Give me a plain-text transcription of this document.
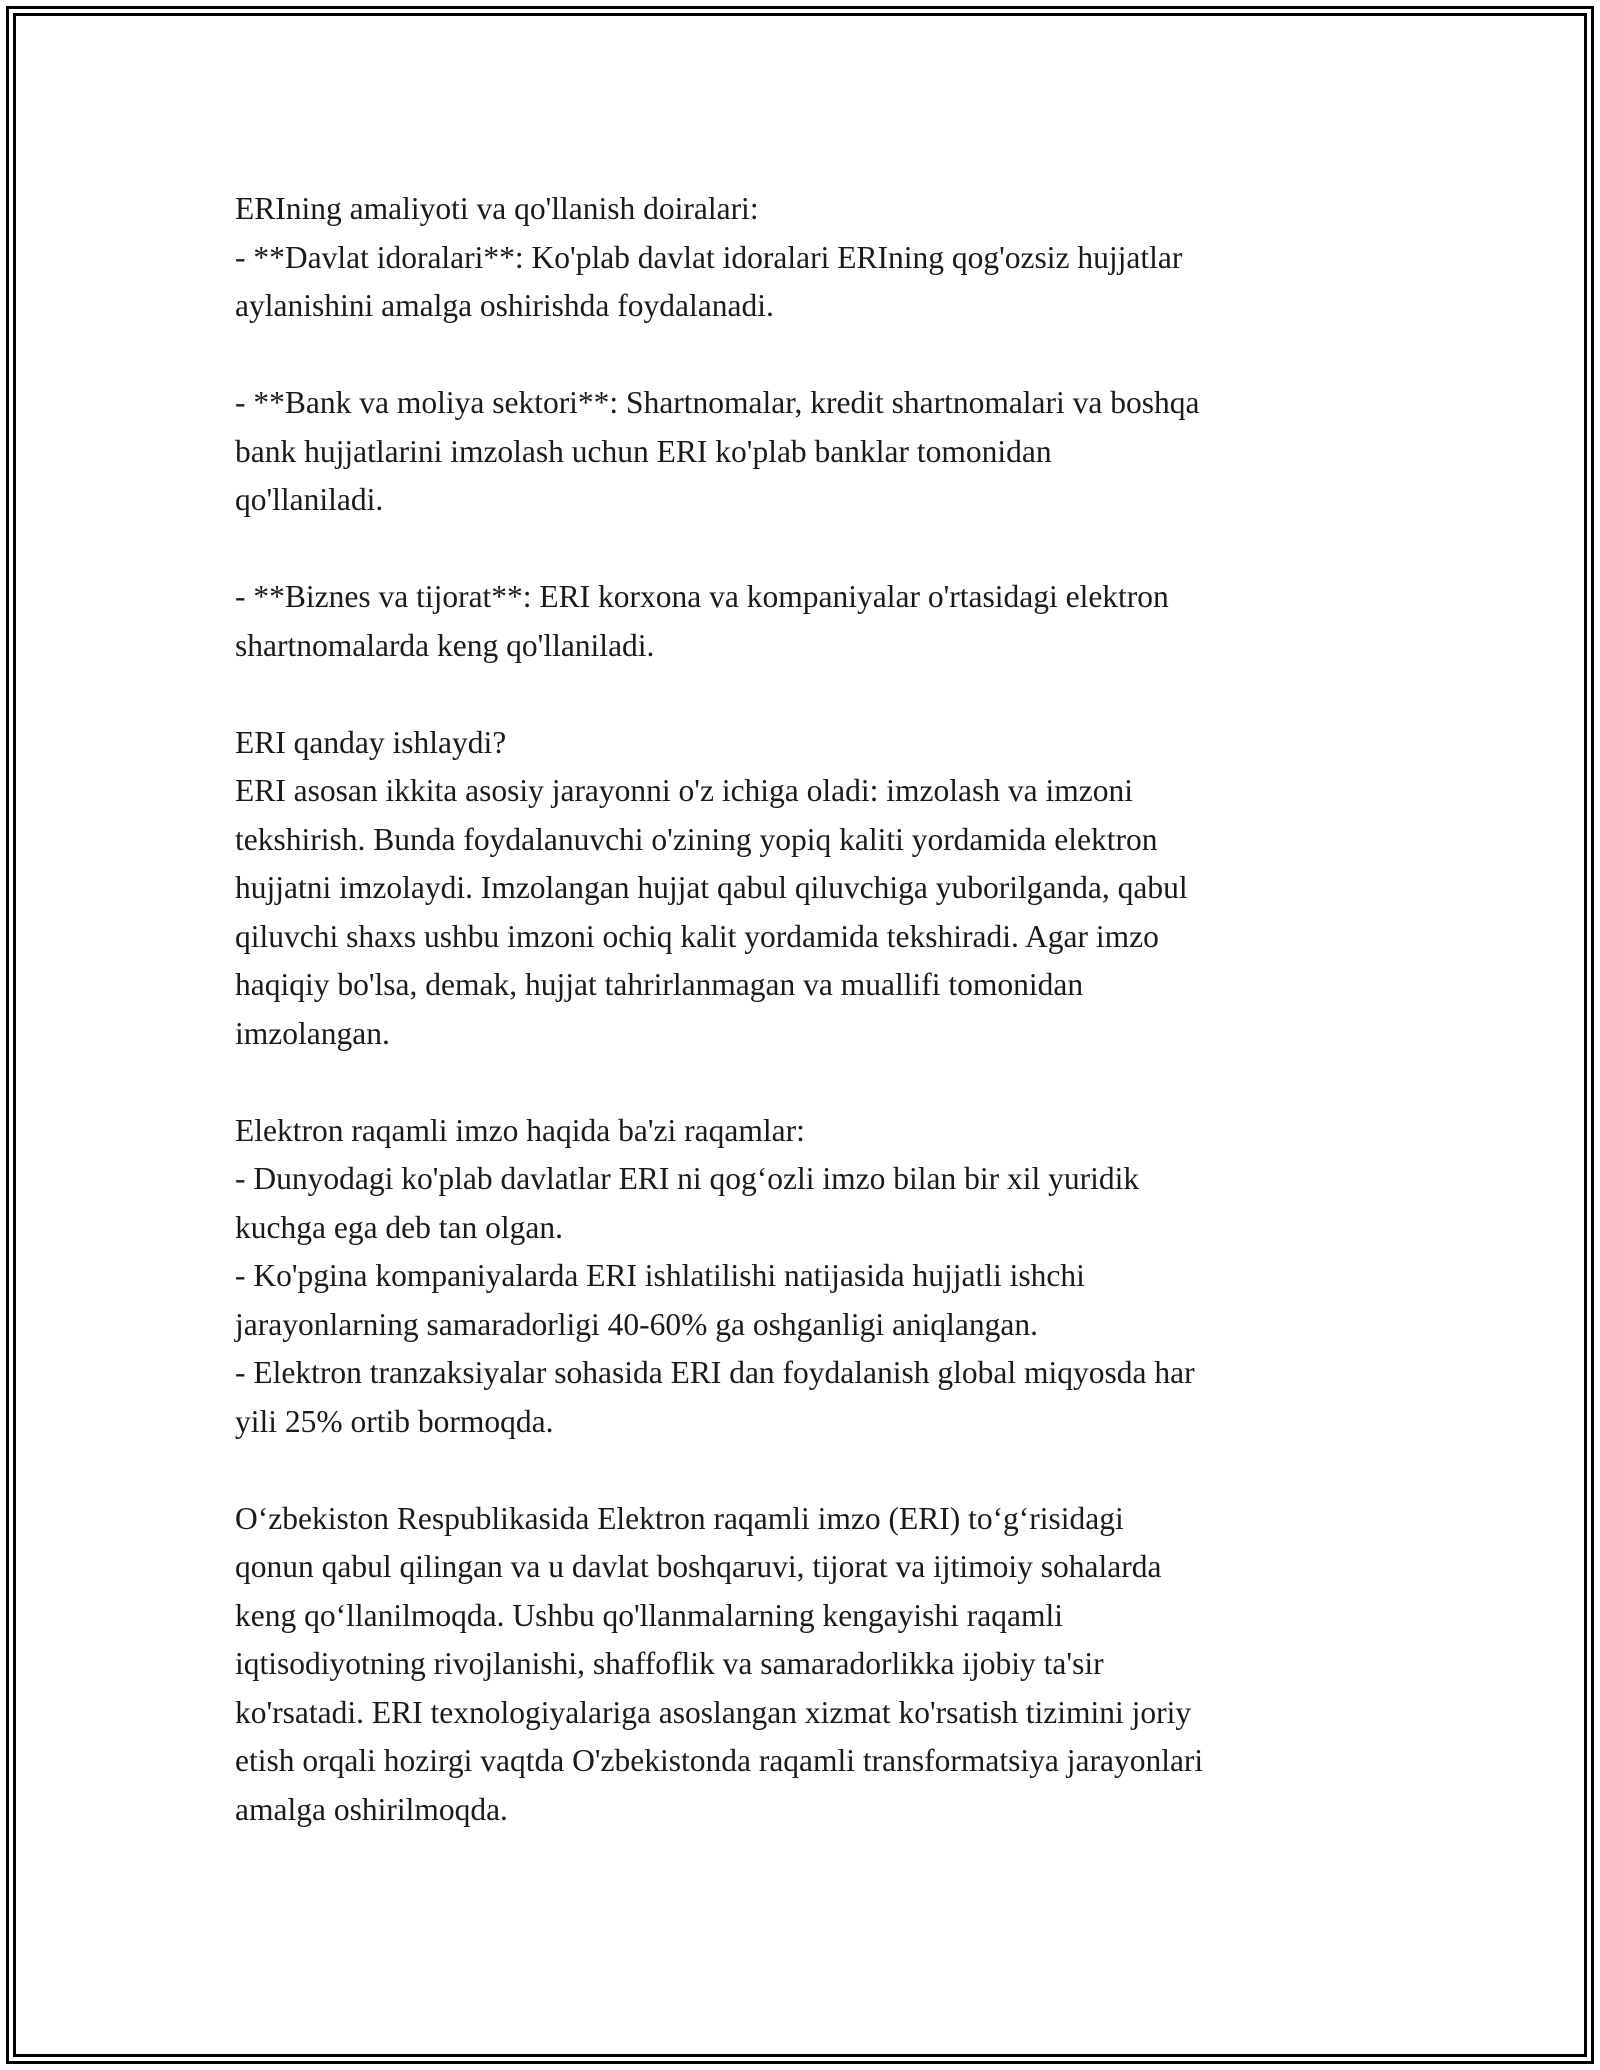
ERIning amaliyoti va qo'llanish doiralari:
- **Davlat idoralari**: Ko'plab davlat idoralari ERIning qog'ozsiz hujjatlar
aylanishini amalga oshirishda foydalanadi.
- **Bank va moliya sektori**: Shartnomalar, kredit shartnomalari va boshqa
bank hujjatlarini imzolash uchun ERI ko'plab banklar tomonidan
qo'llaniladi.
- **Biznes va tijorat**: ERI korxona va kompaniyalar o'rtasidagi elektron
shartnomalarda keng qo'llaniladi.
ERI qanday ishlaydi?
ERI asosan ikkita asosiy jarayonni o'z ichiga oladi: imzolash va imzoni
tekshirish. Bunda foydalanuvchi o'zining yopiq kaliti yordamida elektron
hujjatni imzolaydi. Imzolangan hujjat qabul qiluvchiga yuborilganda, qabul
qiluvchi shaxs ushbu imzoni ochiq kalit yordamida tekshiradi. Agar imzo
haqiqiy bo'lsa, demak, hujjat tahrirlanmagan va muallifi tomonidan
imzolangan.
Elektron raqamli imzo haqida ba'zi raqamlar:
- Dunyodagi ko'plab davlatlar ERI ni qog‘ozli imzo bilan bir xil yuridik
kuchga ega deb tan olgan.
- Ko'pgina kompaniyalarda ERI ishlatilishi natijasida hujjatli ishchi
jarayonlarning samaradorligi 40-60% ga oshganligi aniqlangan.
- Elektron tranzaksiyalar sohasida ERI dan foydalanish global miqyosda har
yili 25% ortib bormoqda.
O‘zbekiston Respublikasida Elektron raqamli imzo (ERI) to‘g‘risidagi
qonun qabul qilingan va u davlat boshqaruvi, tijorat va ijtimoiy sohalarda
keng qo‘llanilmoqda. Ushbu qo'llanmalarning kengayishi raqamli
iqtisodiyotning rivojlanishi, shaffoflik va samaradorlikka ijobiy ta'sir
ko'rsatadi. ERI texnologiyalariga asoslangan xizmat ko'rsatish tizimini joriy
etish orqali hozirgi vaqtda O'zbekistonda raqamli transformatsiya jarayonlari
amalga oshirilmoqda.
